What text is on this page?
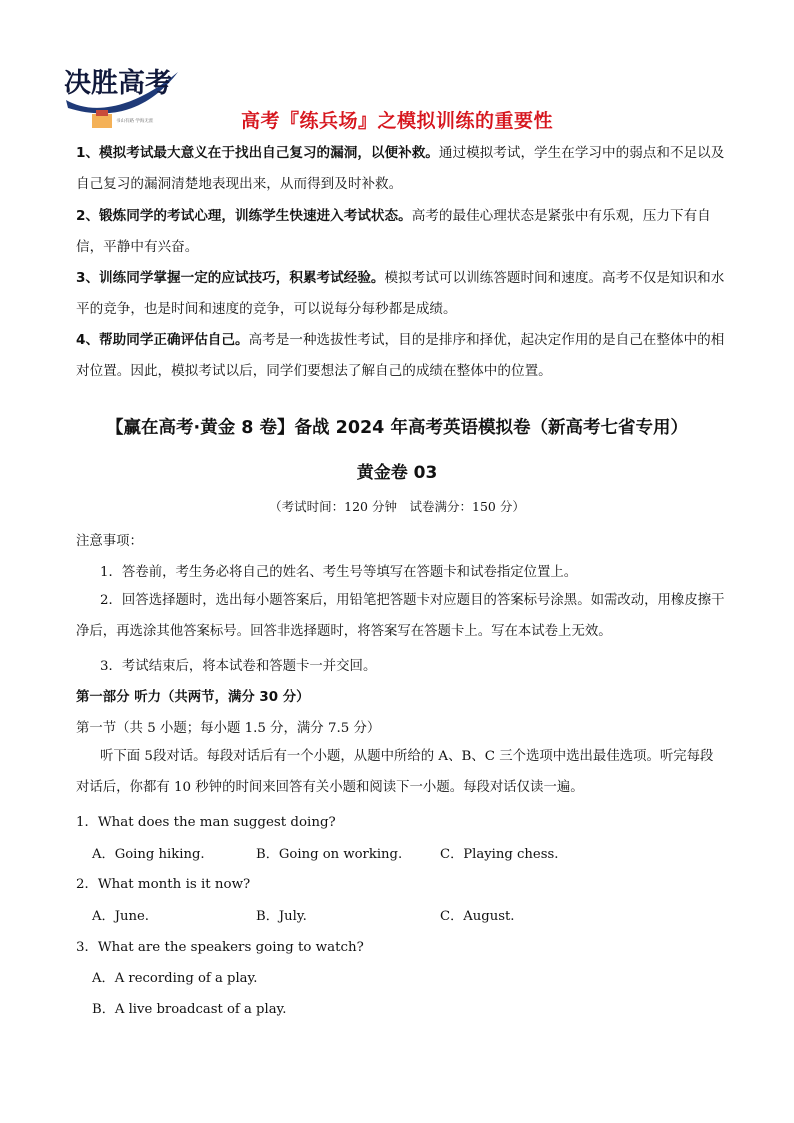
决胜高考
书山有路 学海无涯	高考『练兵场』之模拟训练的重要性
1、模拟考试最大意义在于找出自己复习的漏洞，以便补救。通过模拟考试，学生在学习中的弱点和不足以及自己复习的漏洞清楚地表现出来，从而得到及时补救。
2、锻炼同学的考试心理，训练学生快速进入考试状态。高考的最佳心理状态是紧张中有乐观，压力下有自信，平静中有兴奋。
3、训练同学掌握一定的应试技巧，积累考试经验。模拟考试可以训练答题时间和速度。高考不仅是知识和水平的竞争，也是时间和速度的竞争，可以说每分每秒都是成绩。
4、帮助同学正确评估自己。高考是一种选拔性考试，目的是排序和择优，起决定作用的是自己在整体中的相对位置。因此，模拟考试以后，同学们要想法了解自己的成绩在整体中的位置。
【赢在高考·黄金 8 卷】备战 2024 年高考英语模拟卷（新高考七省专用）
黄金卷 03
（考试时间：120 分钟　试卷满分：150 分）
注意事项：
1．答卷前，考生务必将自己的姓名、考生号等填写在答题卡和试卷指定位置上。
2．回答选择题时，选出每小题答案后，用铅笔把答题卡对应题目的答案标号涂黑。如需改动，用橡皮擦干净后，再选涂其他答案标号。回答非选择题时，将答案写在答题卡上。写在本试卷上无效。
3．考试结束后，将本试卷和答题卡一并交回。
第一部分 听力（共两节，满分 30 分）
第一节（共 5 小题；每小题 1.5 分，满分 7.5 分）
听下面 5段对话。每段对话后有一个小题，从题中所给的 A、B、C 三个选项中选出最佳选项。听完每段对话后，你都有 10 秒钟的时间来回答有关小题和阅读下一小题。每段对话仅读一遍。
1．What does the man suggest doing?
A．Going hiking.	B．Going on working.	C．Playing chess.
2．What month is it now?
A．June.	B．July.	C．August.
3．What are the speakers going to watch?
A．A recording of a play.
B．A live broadcast of a play.
